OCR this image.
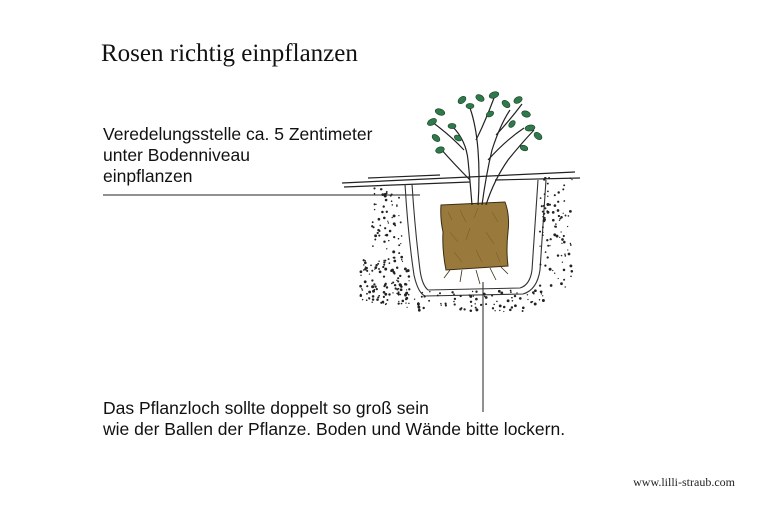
Rosen richtig einpflanzen
Veredelungsstelle ca. 5 Zentimeter
unter Bodenniveau
einpflanzen
Das Pflanzloch sollte doppelt so groß sein
wie der Ballen der Pflanze. Boden und Wände bitte lockern.
www.lilli-straub.com
